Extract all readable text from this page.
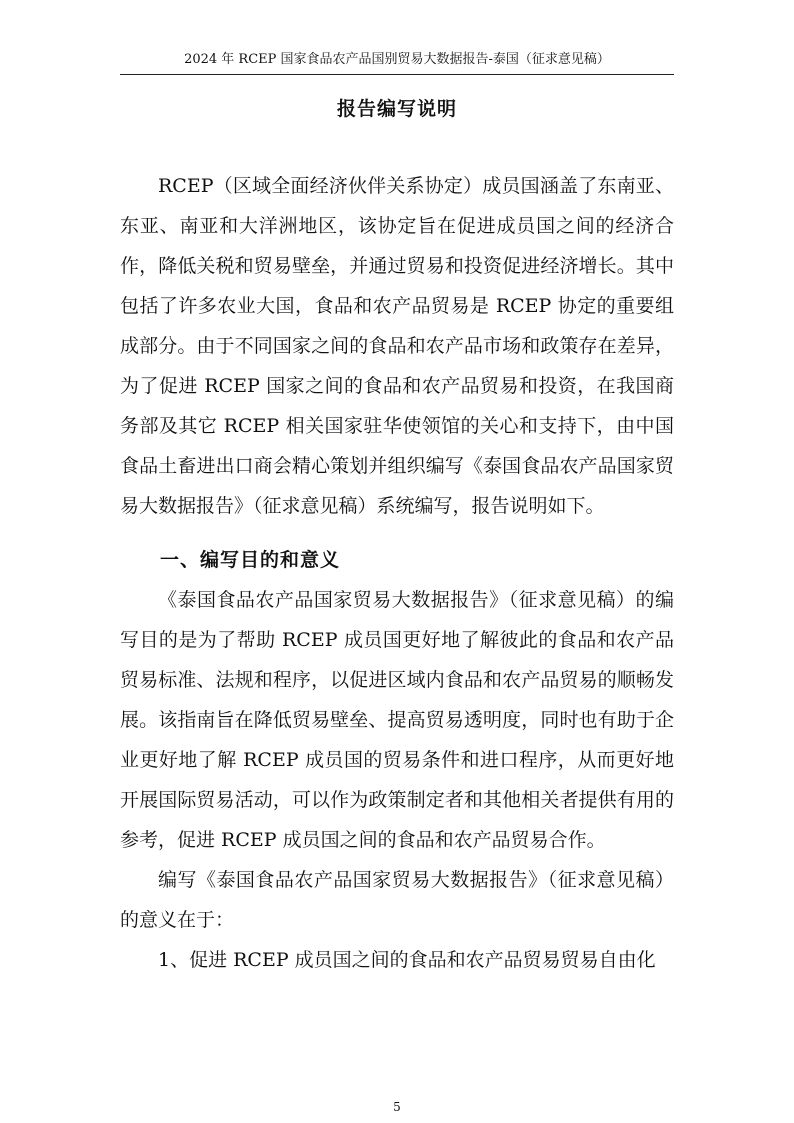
2024 年 RCEP 国家食品农产品国别贸易大数据报告-泰国（征求意见稿）
报告编写说明

RCEP（区域全面经济伙伴关系协定）成员国涵盖了东南亚、东亚、南亚和大洋洲地区，该协定旨在促进成员国之间的经济合作，降低关税和贸易壁垒，并通过贸易和投资促进经济增长。其中包括了许多农业大国，食品和农产品贸易是 RCEP 协定的重要组成部分。由于不同国家之间的食品和农产品市场和政策存在差异，为了促进 RCEP 国家之间的食品和农产品贸易和投资，在我国商务部及其它 RCEP 相关国家驻华使领馆的关心和支持下，由中国食品土畜进出口商会精心策划并组织编写《泰国食品农产品国家贸易大数据报告》（征求意见稿）系统编写，报告说明如下。

一、编写目的和意义

《泰国食品农产品国家贸易大数据报告》（征求意见稿）的编写目的是为了帮助 RCEP 成员国更好地了解彼此的食品和农产品贸易标准、法规和程序，以促进区域内食品和农产品贸易的顺畅发展。该指南旨在降低贸易壁垒、提高贸易透明度，同时也有助于企业更好地了解 RCEP 成员国的贸易条件和进口程序，从而更好地开展国际贸易活动，可以作为政策制定者和其他相关者提供有用的参考，促进 RCEP 成员国之间的食品和农产品贸易合作。

编写《泰国食品农产品国家贸易大数据报告》（征求意见稿）的意义在于：

1、促进 RCEP 成员国之间的食品和农产品贸易贸易自由化

5
